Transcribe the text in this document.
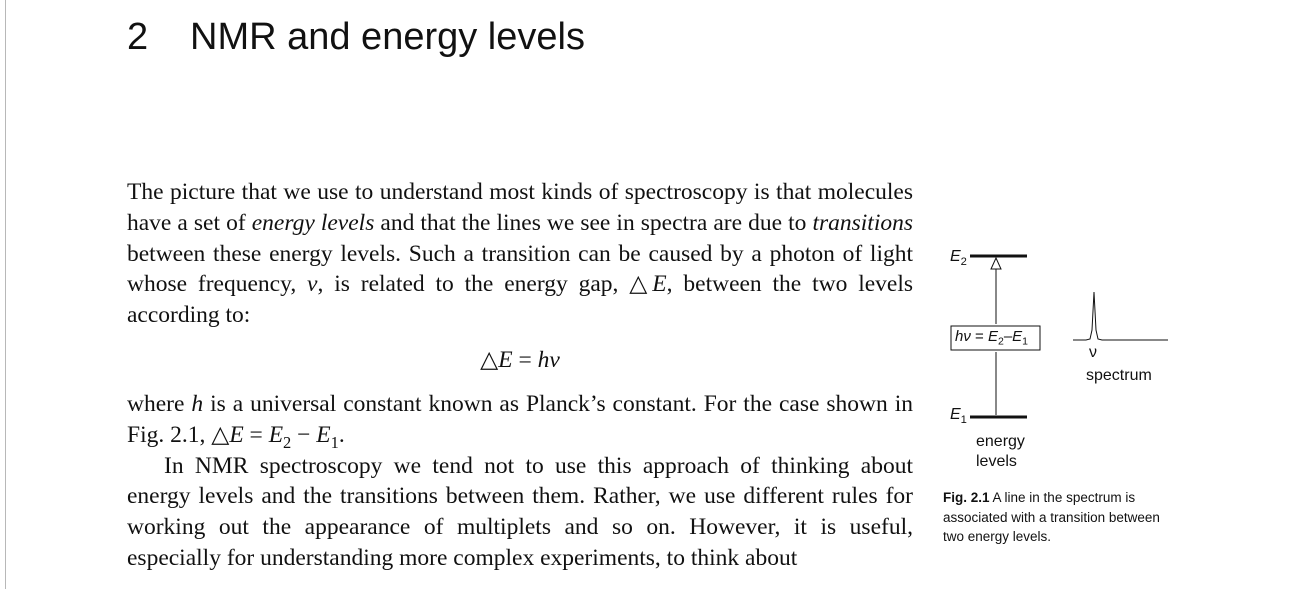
2 NMR and energy levels

The picture that we use to understand most kinds of spectroscopy is that molecules have a set of energy levels and that the lines we see in spectra are due to transitions between these energy levels. Such a transition can be caused by a photon of light whose frequency, ν, is related to the energy gap, △E, between the two levels according to:

△E = hν

where h is a universal constant known as Planck’s constant. For the case shown in Fig. 2.1, △E = $E_2 - E_1$.

In NMR spectroscopy we tend not to use this approach of thinking about energy levels and the transitions between them. Rather, we use different rules for working out the appearance of multiplets and so on. However, it is useful, especially for understanding more complex experiments, to think about

$E_2$
$E_1$
$h\nu = E_2-E_1$
ν
spectrum
energy
levels
Fig. 2.1 A line in the spectrum is associated with a transition between two energy levels.
